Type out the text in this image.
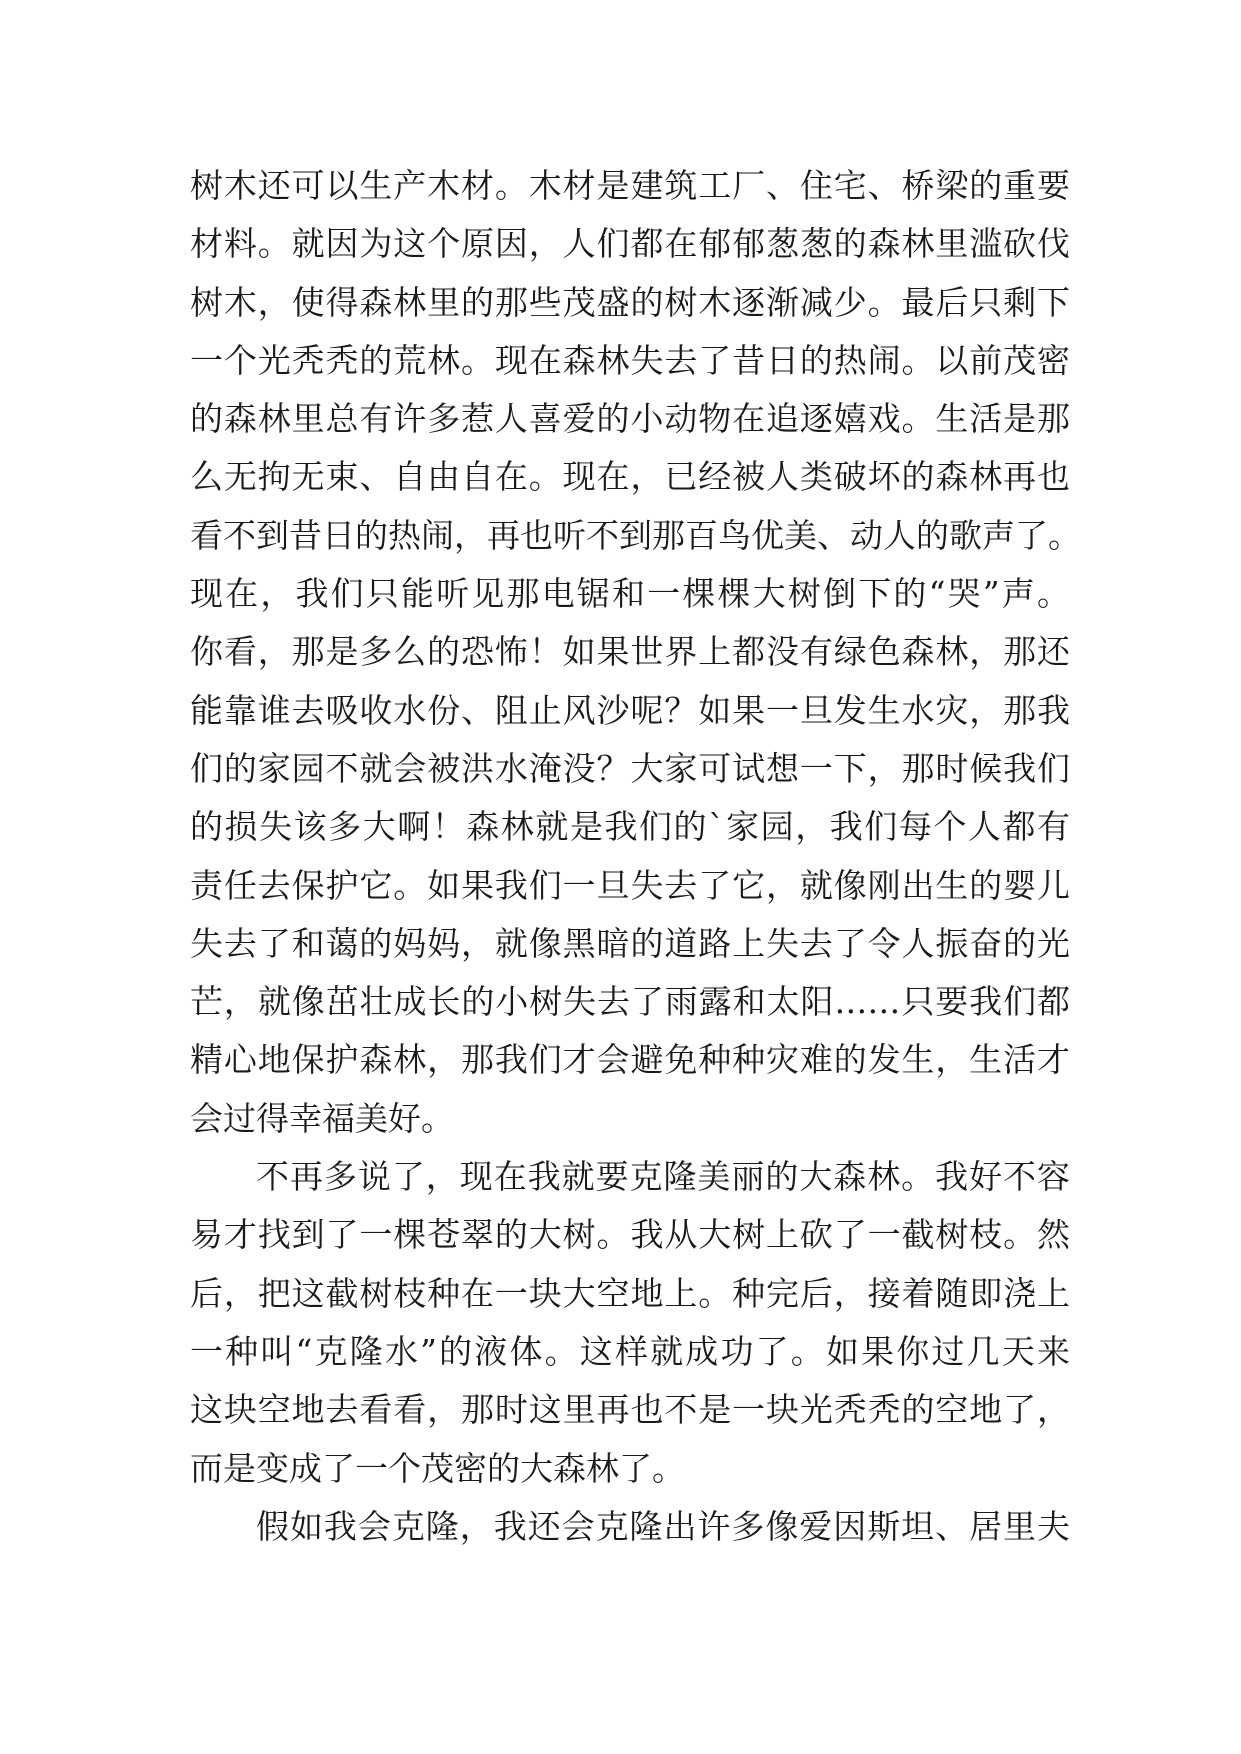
树木还可以生产木材。木材是建筑工厂、住宅、桥梁的重要
材料。就因为这个原因，人们都在郁郁葱葱的森林里滥砍伐
树木，使得森林里的那些茂盛的树木逐渐减少。最后只剩下
一个光秃秃的荒林。现在森林失去了昔日的热闹。以前茂密
的森林里总有许多惹人喜爱的小动物在追逐嬉戏。生活是那
么无拘无束、自由自在。现在，已经被人类破坏的森林再也
看不到昔日的热闹，再也听不到那百鸟优美、动人的歌声了。
现在，我们只能听见那电锯和一棵棵大树倒下的“哭”声。
你看，那是多么的恐怖！如果世界上都没有绿色森林，那还
能靠谁去吸收水份、阻止风沙呢？如果一旦发生水灾，那我
们的家园不就会被洪水淹没？大家可试想一下，那时候我们
的损失该多大啊！森林就是我们的`家园，我们每个人都有
责任去保护它。如果我们一旦失去了它，就像刚出生的婴儿
失去了和蔼的妈妈，就像黑暗的道路上失去了令人振奋的光
芒，就像茁壮成长的小树失去了雨露和太阳……只要我们都
精心地保护森林，那我们才会避免种种灾难的发生，生活才
会过得幸福美好。
不再多说了，现在我就要克隆美丽的大森林。我好不容
易才找到了一棵苍翠的大树。我从大树上砍了一截树枝。然
后，把这截树枝种在一块大空地上。种完后，接着随即浇上
一种叫“克隆水”的液体。这样就成功了。如果你过几天来
这块空地去看看，那时这里再也不是一块光秃秃的空地了，
而是变成了一个茂密的大森林了。
假如我会克隆，我还会克隆出许多像爱因斯坦、居里夫
